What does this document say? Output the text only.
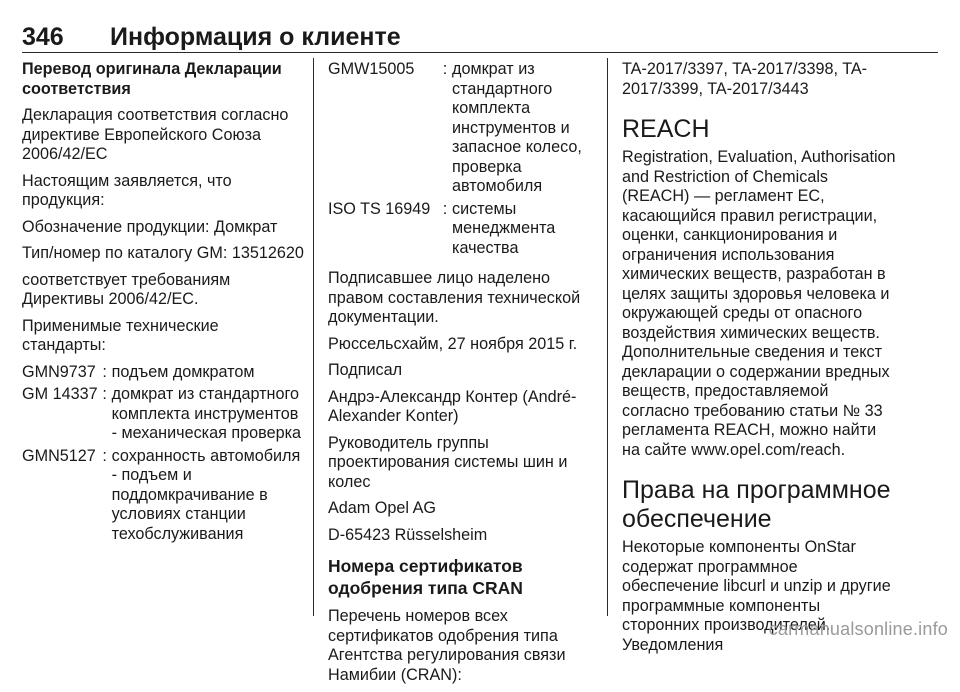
346 Информация о клиенте
Перевод оригинала Декларации соответствия
Декларация соответствия согласно директиве Европейского Союза 2006/42/EC
Настоящим заявляется, что продукция:
Обозначение продукции: Домкрат
Тип/номер по каталогу GM: 13512620
соответствует требованиям Директивы 2006/42/EC.
Применимые технические стандарты:
GMN9737	:	подъем домкратом
GM 14337	:	домкрат из стандартного комплекта инструментов - механическая проверка
GMN5127	:	сохранность автомобиля - подъем и поддомкрачивание в условиях станции техобслуживания
GMW15005	:	домкрат из стандартного комплекта инструментов и запасное колесо, проверка автомобиля
ISO TS 16949	:	системы менеджмента качества
Подписавшее лицо наделено правом составления технической документации.
Рюссельсхайм, 27 ноября 2015 г.
Подписал
Андрэ-Александр Контер (André-Alexander Konter)
Руководитель группы проектирования системы шин и колес
Adam Opel AG
D-65423 Rüsselsheim
Номера сертификатов одобрения типа CRAN
Перечень номеров всех сертификатов одобрения типа Агентства регулирования связи Намибии (CRAN):
TA-2017/3397, TA-2017/3398, TA-2017/3399, TA-2017/3443
REACH
Registration, Evaluation, Authorisation and Restriction of Chemicals (REACH) — регламент ЕС, касающийся правил регистрации, оценки, санкционирования и ограничения использования химических веществ, разработан в целях защиты здоровья человека и окружающей среды от опасного воздействия химических веществ. Дополнительные сведения и текст декларации о содержании вредных веществ, предоставляемой согласно требованию статьи № 33 регламента REACH, можно найти на сайте www.opel.com/reach.
Права на программное обеспечение
Некоторые компоненты OnStar содержат программное обеспечение libcurl и unzip и другие программные компоненты сторонних производителей. Уведомления
carmanualsonline.info
